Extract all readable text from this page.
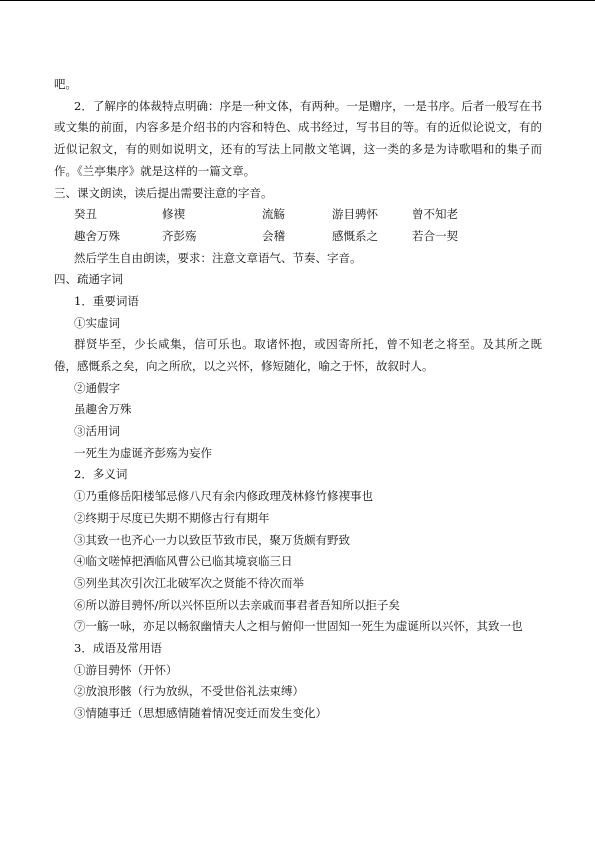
吧。
2．了解序的体裁特点明确：序是一种文体，有两种。一是赠序，一是书序。后者一般写在书或文集的前面，内容多是介绍书的内容和特色、成书经过，写书目的等。有的近似论说文，有的近似记叙文，有的则如说明文，还有的写法上同散文笔调，这一类的多是为诗歌唱和的集子而作。《兰亭集序》就是这样的一篇文章。
三、课文朗读，读后提出需要注意的字音。
癸丑	修禊	流觞	游目骋怀	曾不知老
趣舍万殊	齐彭殇	会稽	感慨系之	若合一契
然后学生自由朗读，要求：注意文章语气、节奏、字音。
四、疏通字词
1．重要词语
①实虚词
群贤毕至，少长咸集，信可乐也。取诸怀抱，或因寄所托，曾不知老之将至。及其所之既倦，感慨系之矣，向之所欣，以之兴怀，修短随化，喻之于怀，故叙时人。
②通假字
虽趣舍万殊
③活用词
一死生为虚诞齐彭殇为妄作
2．多义词
①乃重修岳阳楼邹忌修八尺有余内修政理茂林修竹修禊事也
②终期于尽度已失期不期修古行有期年
③其致一也齐心一力以致臣节致市民，聚万货颇有野致
④临文嗟悼把酒临风曹公已临其境哀临三日
⑤列坐其次引次江北破军次之贤能不待次而举
⑥所以游目骋怀/所以兴怀臣所以去亲戚而事君者吾知所以拒子矣
⑦一觞一咏，亦足以畅叙幽情夫人之相与俯仰一世固知一死生为虚诞所以兴怀，其致一也
3．成语及常用语
①游目骋怀（开怀）
②放浪形骸（行为放纵，不受世俗礼法束缚）
③情随事迁（思想感情随着情况变迁而发生变化）
